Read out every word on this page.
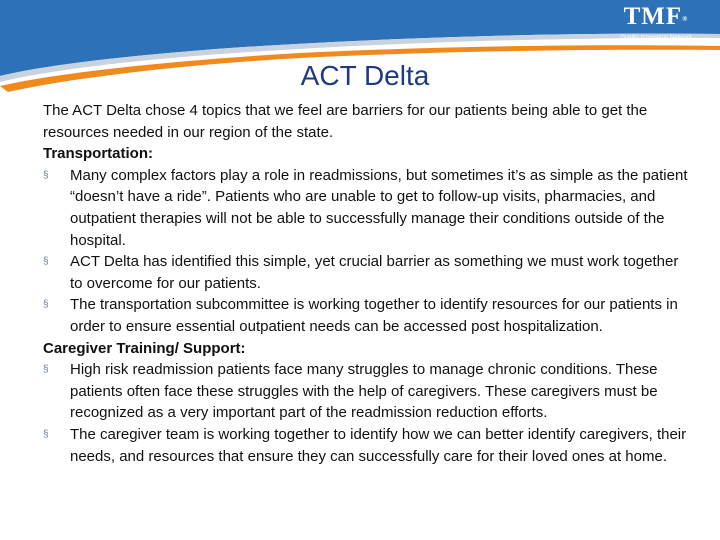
TMF®
Quality Innovation Network
ACT Delta

The ACT Delta chose 4 topics that we feel are barriers for our patients being able to get the resources needed in our region of the state.

Transportation:

§	Many complex factors play a role in readmissions, but sometimes it’s as simple as the patient “doesn’t have a ride”. Patients who are unable to get to follow-up visits, pharmacies, and outpatient therapies will not be able to successfully manage their conditions outside of the hospital.
§	ACT Delta has identified this simple, yet crucial barrier as something we must work together to overcome for our patients.
§	The transportation subcommittee is working together to identify resources for our patients in order to ensure essential outpatient needs can be accessed post hospitalization.

Caregiver Training/ Support:

§	High risk readmission patients face many struggles to manage chronic conditions. These patients often face these struggles with the help of caregivers. These caregivers must be recognized as a very important part of the readmission reduction efforts.
§	The caregiver team is working together to identify how we can better identify caregivers, their needs, and resources that ensure they can successfully care for their loved ones at home.
